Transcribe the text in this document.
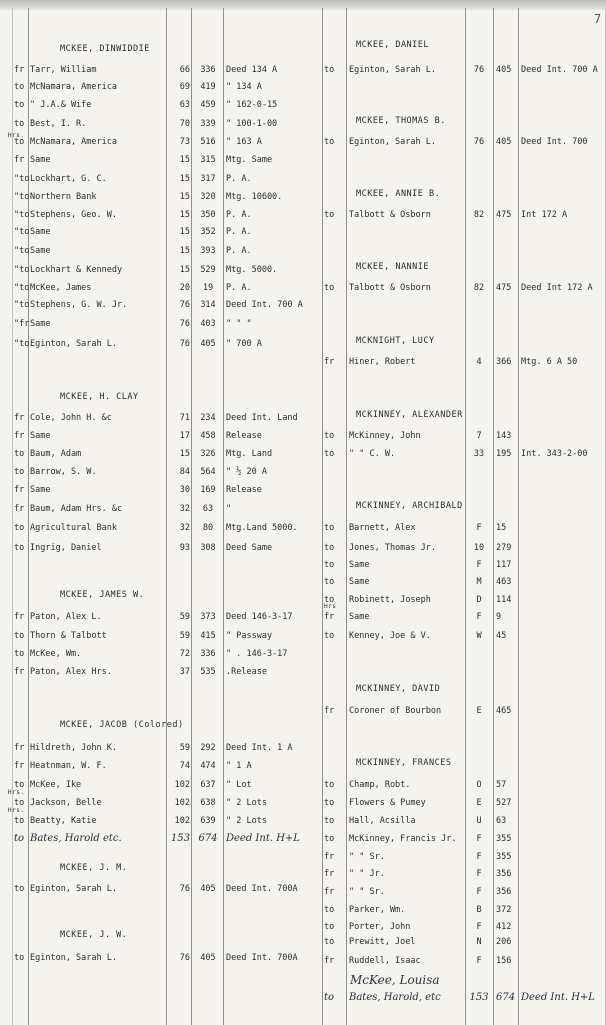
7
MCKEE, DINWIDDIE
fr Tarr, William	66	336	Deed 134 A
to McNamara, America	69	419	" 134 A
to " J.A.& Wife	63	459	" 162-0-15
to Best, I. R.	70	339	" 100-1-00
to McNamara, America	73	516	" 163 A
fr Same	15	315	Mtg. Same
"to Lockhart, G. C.	15	317	P. A.
"to Northern Bank	15	320	Mtg. 10600.
"to Stephens, Geo. W.	15	350	P. A.
"to Same	15	352	P. A.
"to Same	15	393	P. A.
"to Lockhart & Kennedy	15	529	Mtg. 5000.
"to McKee, James	20	19	P. A.
"to Stephens, G. W. Jr.	76	314	Deed Int. 700 A
"fr Same	76	403	" " "
"to Eginton, Sarah L.	76	405	" 700 A
MCKEE, H. CLAY
fr Cole, John H. &c	71	234	Deed Int. Land
fr Same	17	458	Release
to Baum, Adam	15	326	Mtg. Land
to Barrow, S. W.	84	564	" ½ 20 A
fr Same	30	169	Release
fr Baum, Adam Hrs. &c	32	63	"
to Agricultural Bank	32	80	Mtg.Land 5000.
to Ingrig, Daniel	93	308	Deed Same
MCKEE, JAMES W.
fr Paton, Alex L.	59	373	Deed 146-3-17
to Thorn & Talbott	59	415	" Passway
to McKee, Wm.	72	336	" . 146-3-17
fr Paton, Alex Hrs.	37	535	.Release
MCKEE, JACOB (Colored)
fr Hildreth, John K.	59	292	Deed Int. 1 A
fr Heatnman, W. F.	74	474	" 1 A
to McKee, Ike	102	637	" Lot
to Jackson, Belle	102	638	" 2 Lots
to Beatty, Katie	102	639	" 2 Lots
to Bates, Harold etc.	153 674 Deed Int. H+L
MCKEE, J. M.
to Eginton, Sarah L.	76	405	Deed Int. 700A
MCKEE, J. W.
to Eginton, Sarah L.	76	405	Deed Int. 700A
MCKEE, DANIEL
to	Eginton, Sarah L.	76	405	Deed Int. 700 A
MCKEE, THOMAS B.
to	Eginton, Sarah L.	76	405	Deed Int. 700
MCKEE, ANNIE B.
to	Talbott & Osborn	82	475	Int 172 A
MCKEE, NANNIE
to	Talbott & Osborn	82	475	Deed Int 172 A
MCKNIGHT, LUCY
fr	Hiner, Robert	4	366	Mtg. 6 A 50
MCKINNEY, ALEXANDER
to	McKinney, John	7	143
to	" " C. W.	33	195	Int. 343-2-00
MCKINNEY, ARCHIBALD
to	Barnett, Alex	F	15
to	Jones, Thomas Jr.	10	279
to	Same	F	117
to	Same	M	463
to	Robinett, Joseph	D	114
fr	Same	F	9
to	Kenney, Joe & V.	W	45
MCKINNEY, DAVID
fr	Coroner of Bourbon	E	465
MCKINNEY, FRANCES
to	Champ, Robt.	O	57
to	Flowers & Pumey	E	527
to	Hall, Acsilla	U	63
to	McKinney, Francis Jr.	F	355
fr	" " Sr.	F	355
fr	" " Jr.	F	356
fr	" " Sr.	F	356
to	Parker, Wm.	B	372
to	Porter, John	F	412
to	Prewitt, Joel	N	206
fr	Ruddell, Isaac	F	156
Hrs.
Hrs.
Hrs.
Hrs
McKee, Louisa
to	Bates, Harold, etc	153 674 Deed Int. H+L
